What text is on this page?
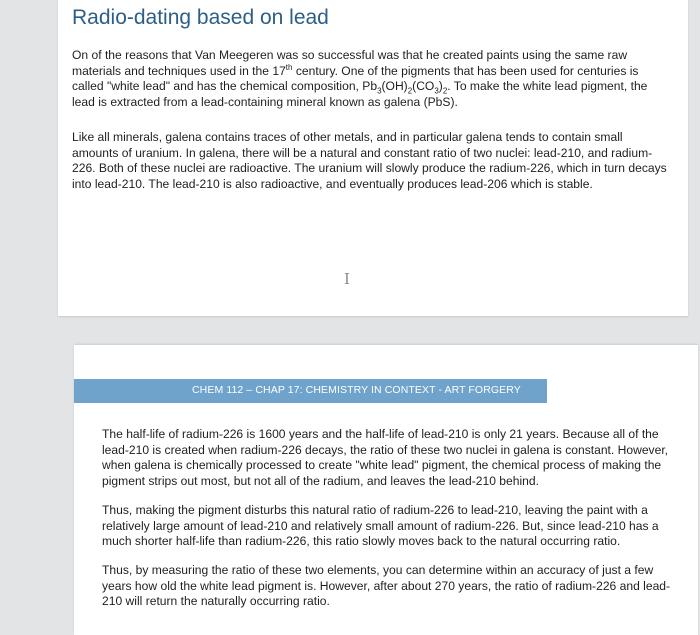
Radio-dating based on lead

On of the reasons that Van Meegeren was so successful was that he created paints using the same raw materials and techniques used in the 17th century. One of the pigments that has been used for centuries is called "white lead" and has the chemical composition, $Pb_3(OH)_2(CO_3)_2$. To make the white lead pigment, the lead is extracted from a lead-containing mineral known as galena (PbS).

Like all minerals, galena contains traces of other metals, and in particular galena tends to contain small amounts of uranium. In galena, there will be a natural and constant ratio of two nuclei: lead-210, and radium-226. Both of these nuclei are radioactive. The uranium will slowly produce the radium-226, which in turn decays into lead-210. The lead-210 is also radioactive, and eventually produces lead-206 which is stable.

I
CHEM 112 – CHAP 17: CHEMISTRY IN CONTEXT - ART FORGERY

The half-life of radium-226 is 1600 years and the half-life of lead-210 is only 21 years. Because all of the lead-210 is created when radium-226 decays, the ratio of these two nuclei in galena is constant. However, when galena is chemically processed to create "white lead" pigment, the chemical process of making the pigment strips out most, but not all of the radium, and leaves the lead-210 behind.

Thus, making the pigment disturbs this natural ratio of radium-226 to lead-210, leaving the paint with a relatively large amount of lead-210 and relatively small amount of radium-226. But, since lead-210 has a much shorter half-life than radium-226, this ratio slowly moves back to the natural occurring ratio.

Thus, by measuring the ratio of these two elements, you can determine within an accuracy of just a few years how old the white lead pigment is. However, after about 270 years, the ratio of radium-226 and lead-210 will return the naturally occurring ratio.
